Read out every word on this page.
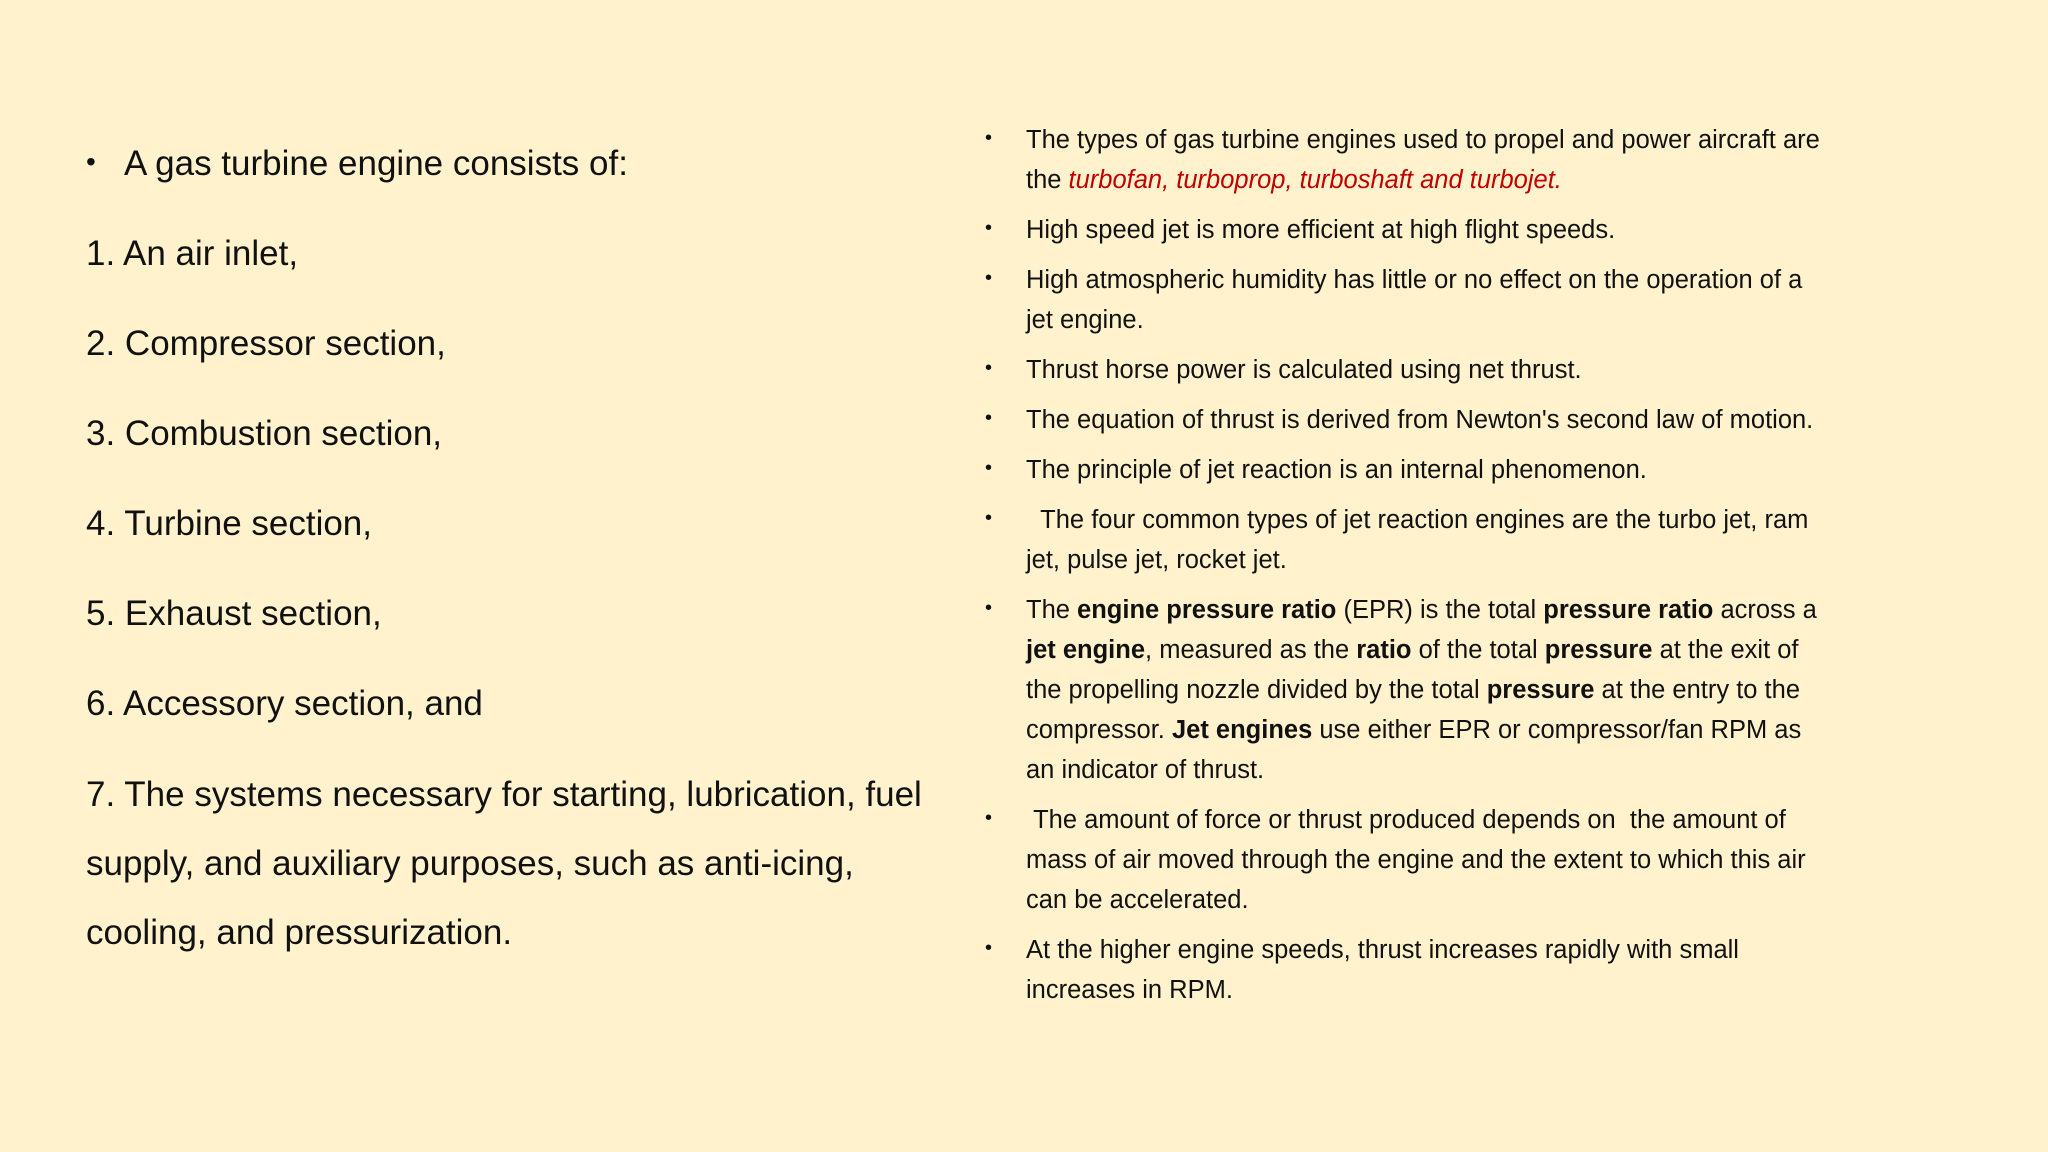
• A gas turbine engine consists of:
1. An air inlet,
2. Compressor section,
3. Combustion section,
4. Turbine section,
5. Exhaust section,
6. Accessory section, and
7. The systems necessary for starting, lubrication, fuel supply, and auxiliary purposes, such as anti-icing, cooling, and pressurization.
•	The types of gas turbine engines used to propel and power aircraft are the turbofan, turboprop, turboshaft and turbojet.
•	High speed jet is more efficient at high flight speeds.
•	High atmospheric humidity has little or no effect on the operation of a jet engine.
•	Thrust horse power is calculated using net thrust.
•	The equation of thrust is derived from Newton's second law of motion.
•	The principle of jet reaction is an internal phenomenon.
•	The four common types of jet reaction engines are the turbo jet, ram jet, pulse jet, rocket jet.
•	The engine pressure ratio (EPR) is the total pressure ratio across a jet engine, measured as the ratio of the total pressure at the exit of the propelling nozzle divided by the total pressure at the entry to the compressor. Jet engines use either EPR or compressor/fan RPM as an indicator of thrust.
•	The amount of force or thrust produced depends on  the amount of mass of air moved through the engine and the extent to which this air can be accelerated.
•	At the higher engine speeds, thrust increases rapidly with small increases in RPM.
